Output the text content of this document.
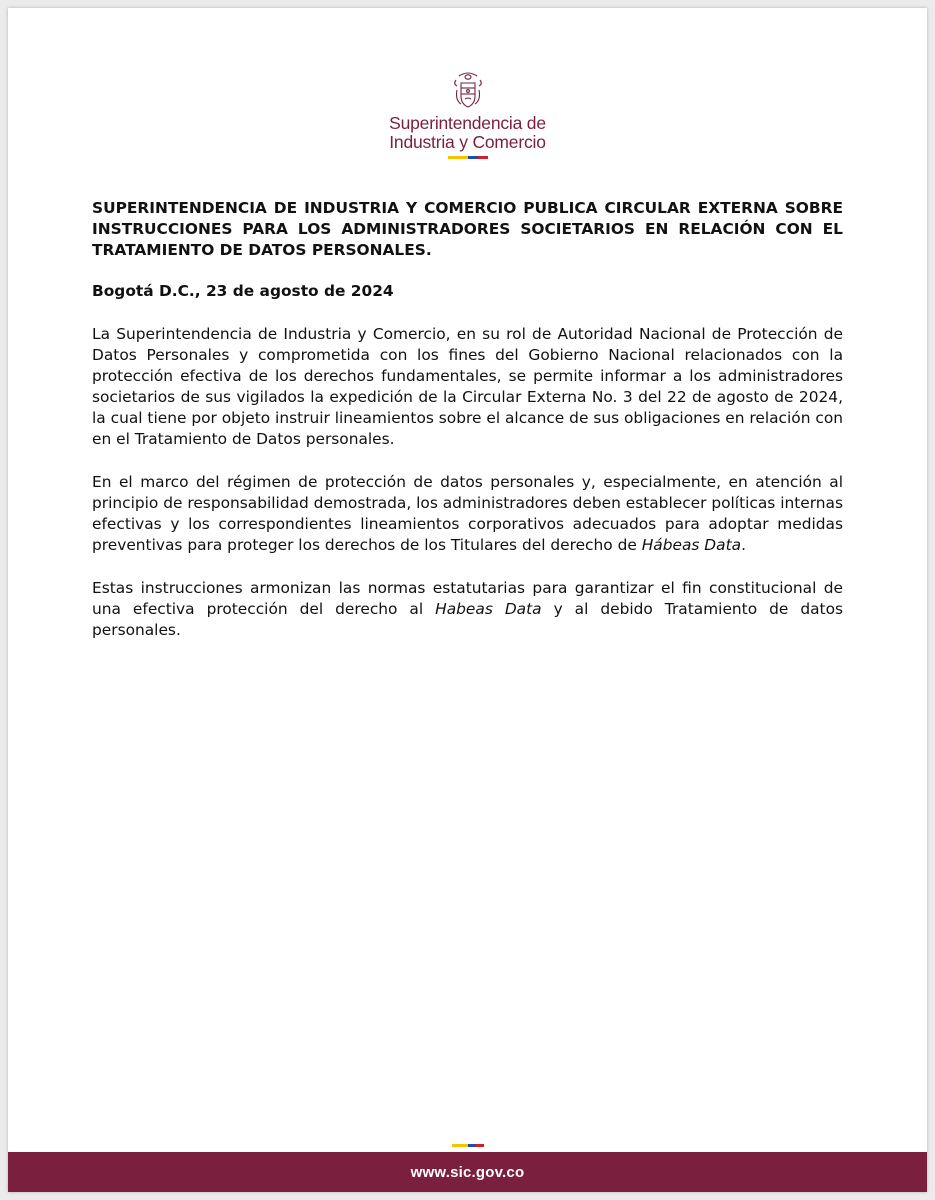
Superintendencia de
Industria y Comercio

SUPERINTENDENCIA DE INDUSTRIA Y COMERCIO PUBLICA CIRCULAR EXTERNA SOBRE INSTRUCCIONES PARA LOS ADMINISTRADORES SOCIETARIOS EN RELACIÓN CON EL TRATAMIENTO DE DATOS PERSONALES.

Bogotá D.C., 23 de agosto de 2024

La Superintendencia de Industria y Comercio, en su rol de Autoridad Nacional de Protección de Datos Personales y comprometida con los fines del Gobierno Nacional relacionados con la protección efectiva de los derechos fundamentales, se permite informar a los administradores societarios de sus vigilados la expedición de la Circular Externa No. 3 del 22 de agosto de 2024, la cual tiene por objeto instruir lineamientos sobre el alcance de sus obligaciones en relación con en el Tratamiento de Datos personales.

En el marco del régimen de protección de datos personales y, especialmente, en atención al principio de responsabilidad demostrada, los administradores deben establecer políticas internas efectivas y los correspondientes lineamientos corporativos adecuados para adoptar medidas preventivas para proteger los derechos de los Titulares del derecho de Hábeas Data.

Estas instrucciones armonizan las normas estatutarias para garantizar el fin constitucional de una efectiva protección del derecho al Habeas Data y al debido Tratamiento de datos personales.

www.sic.gov.co
